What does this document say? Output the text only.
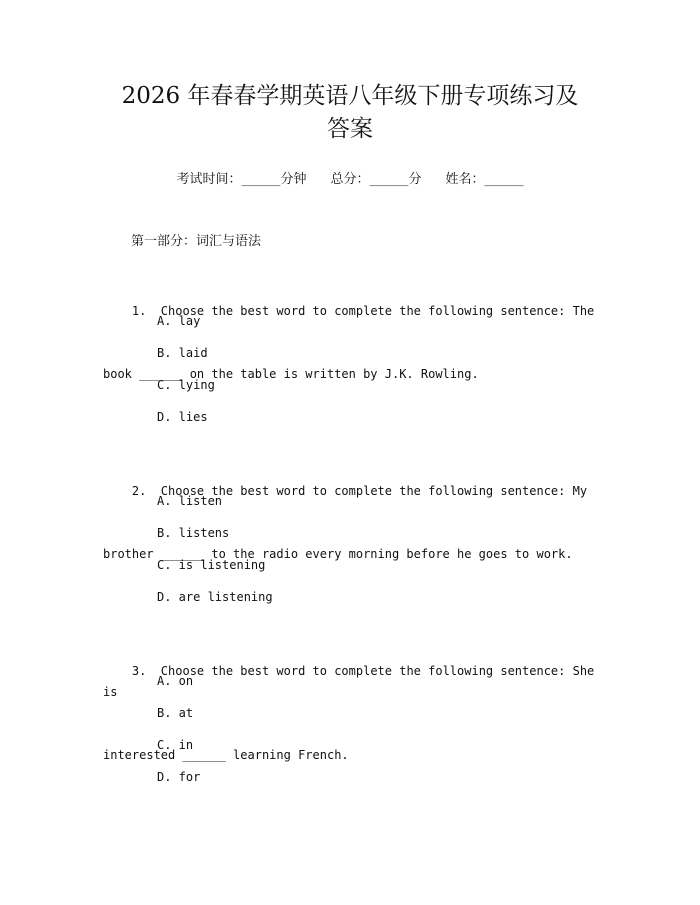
2026 年春春学期英语八年级下册专项练习及
答案
考试时间：______分钟 总分：______分 姓名：______
第一部分：词汇与语法

1.  Choose the best word to complete the following sentence: The

book ______ on the table is written by J.K. Rowling.

A. lay
B. laid
C. lying
D. lies

2.  Choose the best word to complete the following sentence: My

brother ______ to the radio every morning before he goes to work.

A. listen
B. listens
C. is listening
D. are listening

3.  Choose the best word to complete the following sentence: She is

interested ______ learning French.

A. on
B. at
C. in
D. for
